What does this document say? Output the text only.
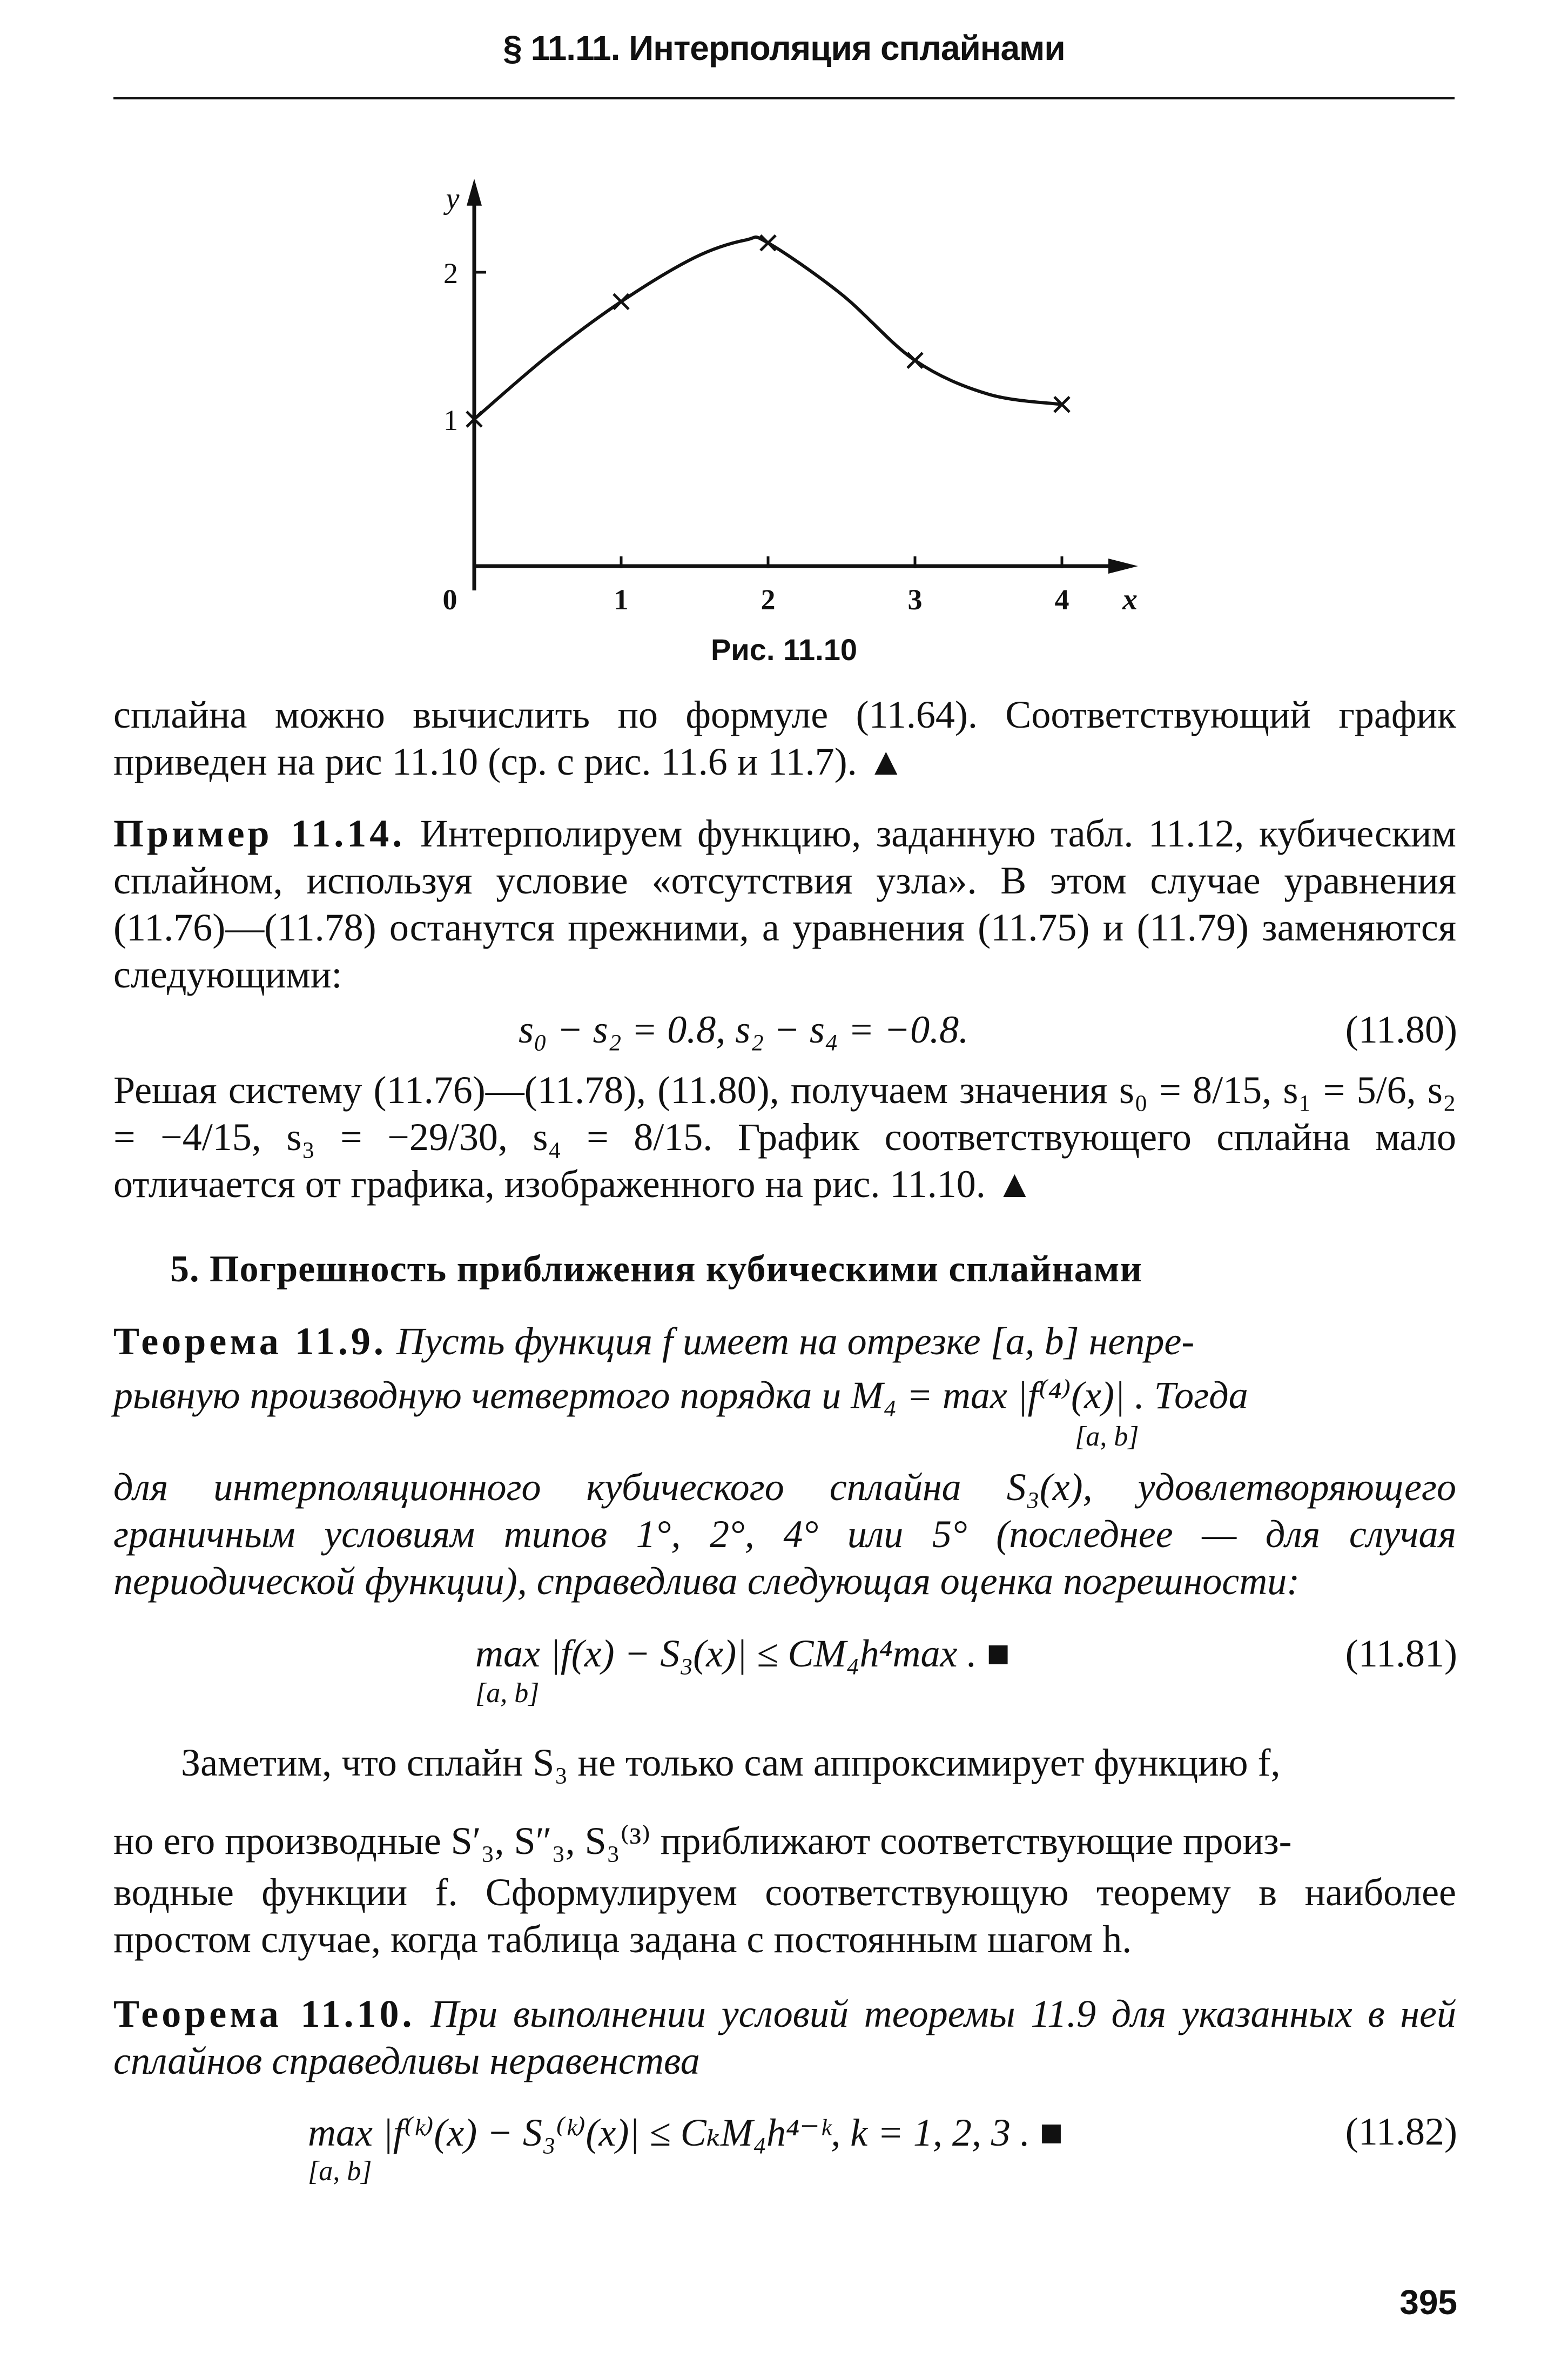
§ 11.11. Интерполяция сплайнами
1	2	3	4
1
2
0	x
y
Рис. 11.10
сплайна можно вычислить по формуле (11.64). Соответствующий график приведен на рис 11.10 (ср. с рис. 11.6 и 11.7). ▲
Пример 11.14. Интерполируем функцию, заданную табл. 11.12, кубическим сплайном, используя условие «отсутствия узла». В этом случае уравнения (11.76)—(11.78) останутся прежними, а уравнения (11.75) и (11.79) заменяются следующими:
s₀ − s₂ = 0.8, s₂ − s₄ = −0.8.	(11.80)
Решая систему (11.76)—(11.78), (11.80), получаем значения s₀ = 8/15, s₁ = 5/6, s₂ = −4/15, s₃ = −29/30, s₄ = 8/15. График соответствующего сплайна мало отличается от графика, изображенного на рис. 11.10. ▲
5. Погрешность приближения кубическими сплайнами
Теорема 11.9. Пусть функция f имеет на отрезке [a, b] непре-
рывную производную четвертого порядка и M₄ = max |f⁽⁴⁾(x)| . Тогда
[a, b]
для интерполяционного кубического сплайна S₃(x), удовлетворяющего граничным условиям типов 1°, 2°, 4° или 5° (последнее — для случая периодической функции), справедлива следующая оценка погрешности:
max |f(x) − S₃(x)| ≤ CM₄h⁴max . ■
[a, b]
(11.81)
Заметим, что сплайн S₃ не только сам аппроксимирует функцию f,
но его производные S′₃, S″₃, S₃⁽³⁾ приближают соответствующие произ-
водные функции f. Сформулируем соответствующую теорему в наиболее простом случае, когда таблица задана с постоянным шагом h.
Теорема 11.10. При выполнении условий теоремы 11.9 для указанных в ней сплайнов справедливы неравенства
max |f⁽ᵏ⁾(x) − S₃⁽ᵏ⁾(x)| ≤ CₖM₄h⁴⁻ᵏ, k = 1, 2, 3 . ■
[a, b]
(11.82)
395
